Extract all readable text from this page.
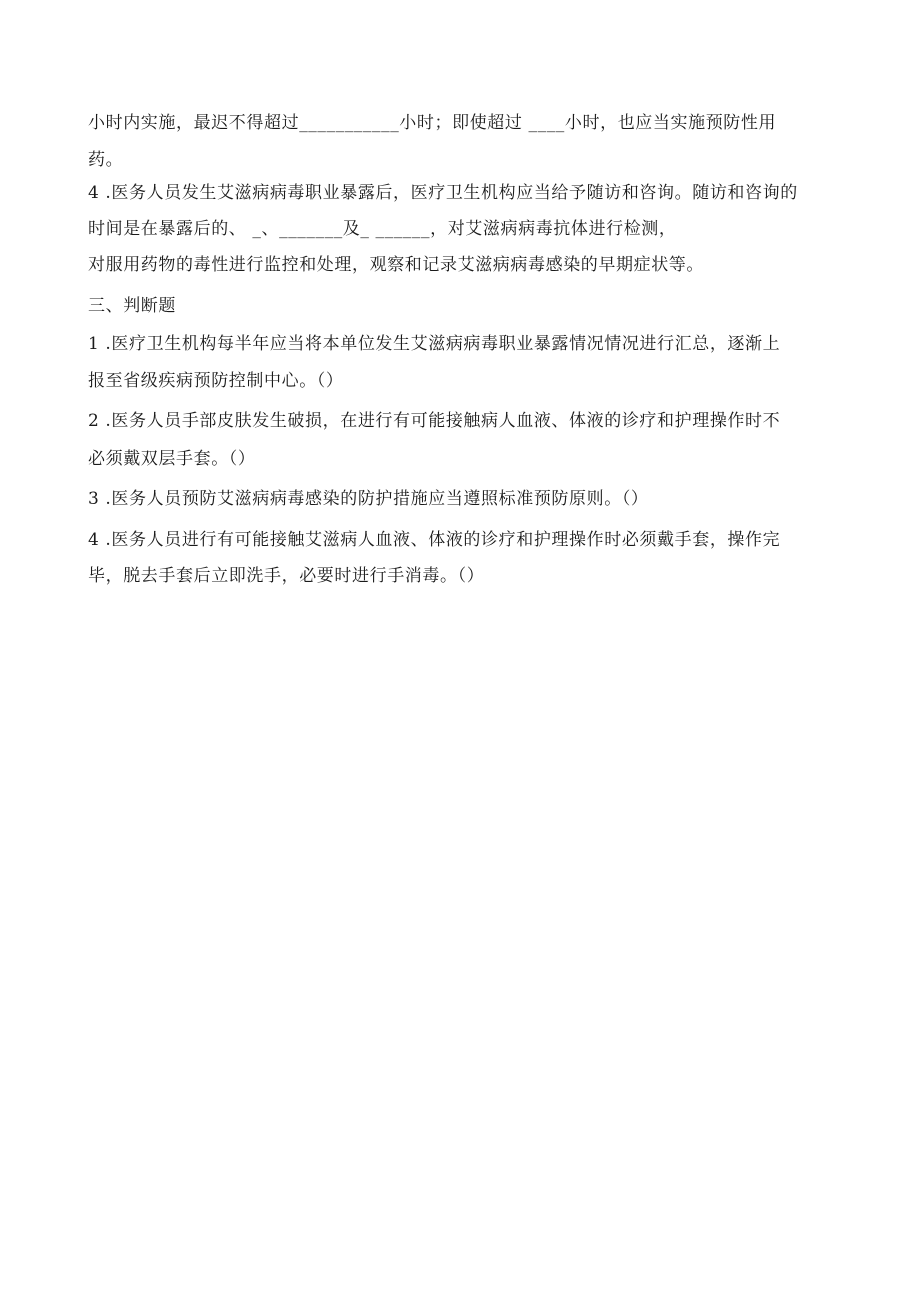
小时内实施，最迟不得超过___________小时；即使超过 ____小时，也应当实施预防性用
药。
4 .医务人员发生艾滋病病毒职业暴露后，医疗卫生机构应当给予随访和咨询。随访和咨询的
时间是在暴露后的、 _、_______及_ ______，对艾滋病病毒抗体进行检测，
对服用药物的毒性进行监控和处理，观察和记录艾滋病病毒感染的早期症状等。
三、判断题
1 .医疗卫生机构每半年应当将本单位发生艾滋病病毒职业暴露情况情况进行汇总，逐渐上
报至省级疾病预防控制中心。（）
2 .医务人员手部皮肤发生破损，在进行有可能接触病人血液、体液的诊疗和护理操作时不
必须戴双层手套。（）
3 .医务人员预防艾滋病病毒感染的防护措施应当遵照标准预防原则。（）
4 .医务人员进行有可能接触艾滋病人血液、体液的诊疗和护理操作时必须戴手套，操作完
毕，脱去手套后立即洗手，必要时进行手消毒。（）
